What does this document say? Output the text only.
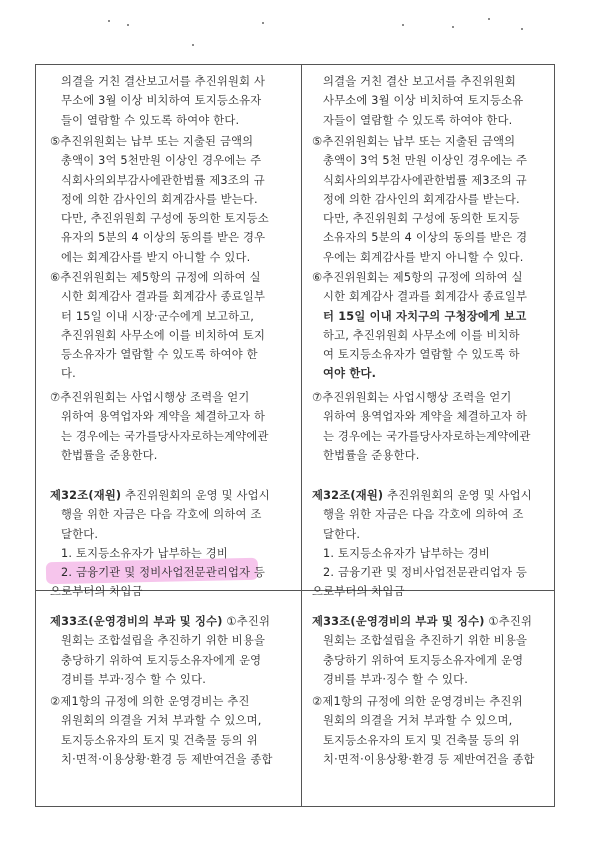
의결을 거친 결산보고서를 추진위원회 사
무소에 3월 이상 비치하여 토지등소유자
들이 열람할 수 있도록 하여야 한다.
⑤추진위원회는 납부 또는 지출된 금액의
총액이 3억 5천만원 이상인 경우에는 주
식회사의외부감사에관한법률 제3조의 규
정에 의한 감사인의 회계감사를 받는다.
다만, 추진위원회 구성에 동의한 토지등소
유자의 5분의 4 이상의 동의를 받은 경우
에는 회계감사를 받지 아니할 수 있다.
⑥추진위원회는 제5항의 규정에 의하여 실
시한 회계감사 결과를 회계감사 종료일부
터 15일 이내 시장·군수에게 보고하고,
추진위원회 사무소에 이를 비치하여 토지
등소유자가 열람할 수 있도록 하여야 한
다.
⑦추진위원회는 사업시행상 조력을 얻기
위하여 용역업자와 계약을 체결하고자 하
는 경우에는 국가를당사자로하는계약에관
한법률을 준용한다.
제32조(재원) 추진위원회의 운영 및 사업시
행을 위한 자금은 다음 각호에 의하여 조
달한다.
1. 토지등소유자가 납부하는 경비
2. 금융기관 및 정비사업전문관리업자 등
으로부터의 차입금
제33조(운영경비의 부과 및 징수) ①추진위
원회는 조합설립을 추진하기 위한 비용을
충당하기 위하여 토지등소유자에게 운영
경비를 부과·징수 할 수 있다.
②제1항의 규정에 의한 운영경비는 추진
위원회의 의결을 거쳐 부과할 수 있으며,
토지등소유자의 토지 및 건축물 등의 위
치·면적·이용상황·환경 등 제반여건을 종합
의결을 거친 결산 보고서를 추진위원회
사무소에 3월 이상 비치하여 토지등소유
자들이 열람할 수 있도록 하여야 한다.
⑤추진위원회는 납부 또는 지출된 금액의
총액이 3억 5천 만원 이상인 경우에는 주
식회사의외부감사에관한법률 제3조의 규
정에 의한 감사인의 회계감사를 받는다.
다만, 추진위원회 구성에 동의한 토지등
소유자의 5분의 4 이상의 동의를 받은 경
우에는 회계감사를 받지 아니할 수 있다.
⑥추진위원회는 제5항의 규정에 의하여 실
시한 회계감사 결과를 회계감사 종료일부
터 15일 이내 자치구의 구청장에게 보고
하고, 추진위원회 사무소에 이를 비치하
여 토지등소유자가 열람할 수 있도록 하
여야 한다.
⑦추진위원회는 사업시행상 조력을 얻기
위하여 용역업자와 계약을 체결하고자 하
는 경우에는 국가를당사자로하는계약에관
한법률을 준용한다.
제32조(재원) 추진위원회의 운영 및 사업시
행을 위한 자금은 다음 각호에 의하여 조
달한다.
1. 토지등소유자가 납부하는 경비
2. 금융기관 및 정비사업전문관리업자 등
으로부터의 차입금
제33조(운영경비의 부과 및 징수) ①추진위
원회는 조합설립을 추진하기 위한 비용을
충당하기 위하여 토지등소유자에게 운영
경비를 부과·징수 할 수 있다.
②제1항의 규정에 의한 운영경비는 추진위
원회의 의결을 거쳐 부과할 수 있으며,
토지등소유자의 토지 및 건축물 등의 위
치·면적·이용상황·환경 등 제반여건을 종합
